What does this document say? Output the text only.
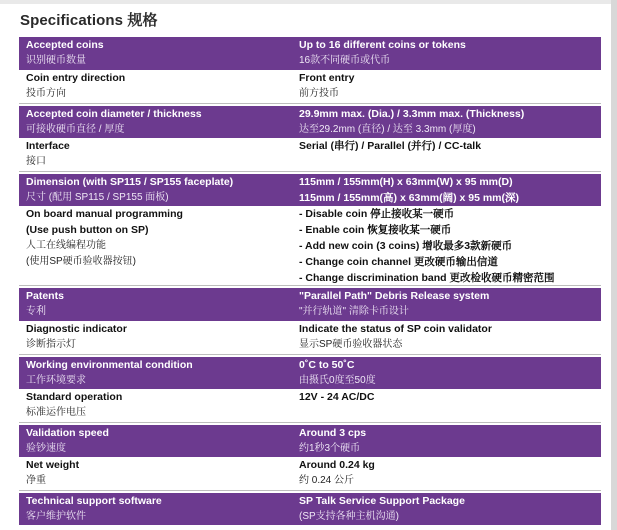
Specifications 规格
Accepted coins
识别硬币数量
Up to 16 different coins or tokens
16款不同硬币或代币
Coin entry direction
投币方向
Front entry
前方投币
Accepted coin diameter / thickness
可接收硬币直径 / 厚度
29.9mm max. (Dia.) / 3.3mm max. (Thickness)
达至29.2mm (直径) / 达至 3.3mm (厚度)
Interface
接口
Serial (串行) / Parallel (并行) / CC-talk
Dimension (with SP115 / SP155 faceplate)
尺寸 (配用 SP115 / SP155 面板)
115mm / 155mm(H) x 63mm(W) x 95 mm(D)
115mm / 155mm(高) x 63mm(阔) x 95 mm(深)
On board manual programming
(Use push button on SP)
人工在线编程功能
(使用SP硬币验收器按钮)
- Disable coin 停止接收某一硬币
- Enable coin 恢复接收某一硬币
- Add new coin (3 coins) 增收最多3款新硬币
- Change coin channel 更改硬币输出信道
- Change discrimination band 更改检收硬币精密范围
Patents
专利
"Parallel Path" Debris Release system
"并行轨道" 清除卡币设计
Diagnostic indicator
诊断指示灯
Indicate the status of SP coin validator
显示SP硬币验收器状态
Working environmental condition
工作环境要求
0˚C to 50˚C
由摄氏0度至50度
Standard operation
标准运作电压
12V - 24 AC/DC
Validation speed
验钞速度
Around 3 cps
约1秒3个硬币
Net weight
净重
Around 0.24 kg
约 0.24 公斤
Technical support software
客户维护软件
SP Talk Service Support Package
(SP支持各种主机沟通)
